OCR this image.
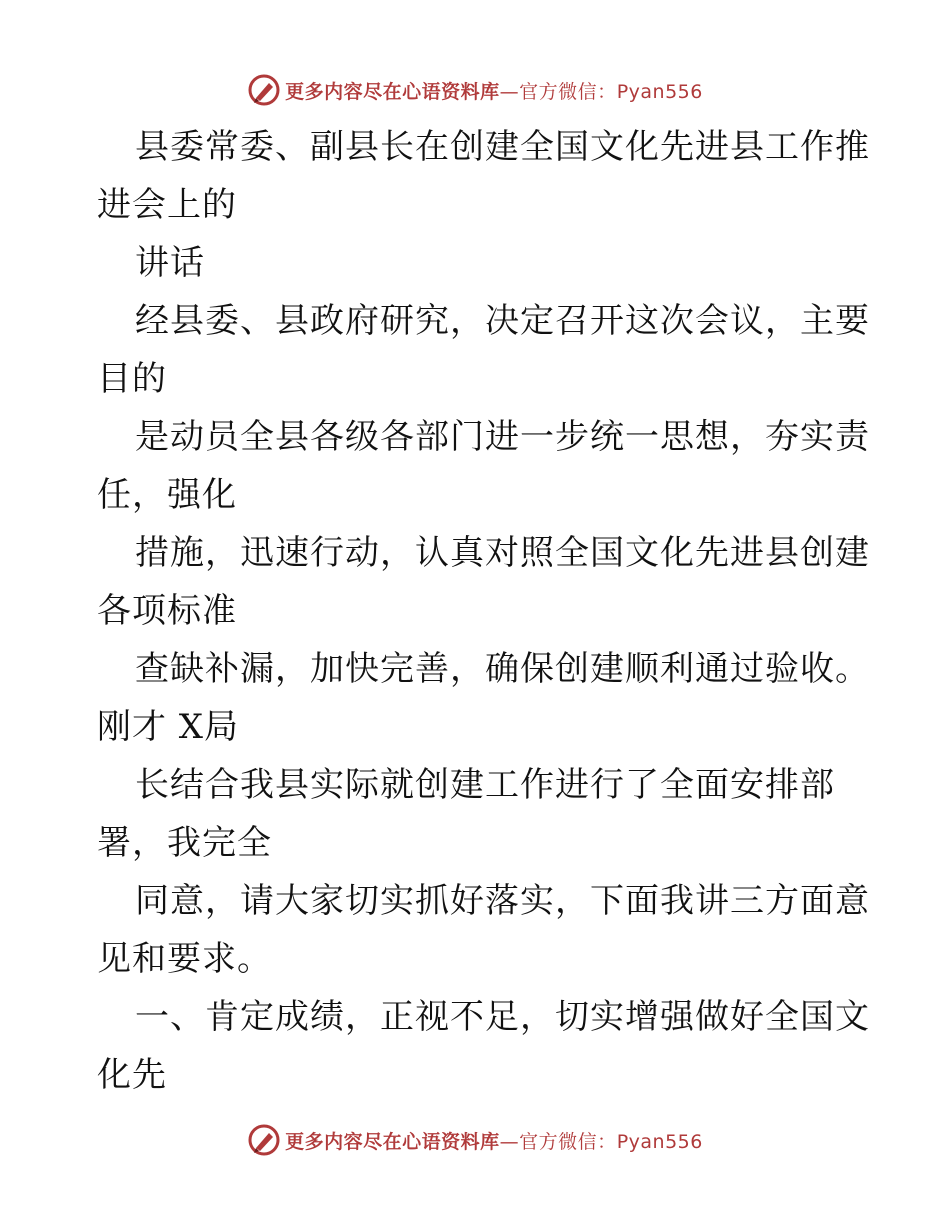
更多内容尽在心语资料库—官方微信：Pyan556
县委常委、副县长在创建全国文化先进县工作推
进会上的
讲话
经县委、县政府研究，决定召开这次会议，主要
目的
是动员全县各级各部门进一步统一思想，夯实责
任，强化
措施，迅速行动，认真对照全国文化先进县创建
各项标准
查缺补漏，加快完善，确保创建顺利通过验收。
刚才 X局
长结合我县实际就创建工作进行了全面安排部
署，我完全
同意，请大家切实抓好落实，下面我讲三方面意
见和要求。
一、肯定成绩，正视不足，切实增强做好全国文
化先
更多内容尽在心语资料库—官方微信：Pyan556
